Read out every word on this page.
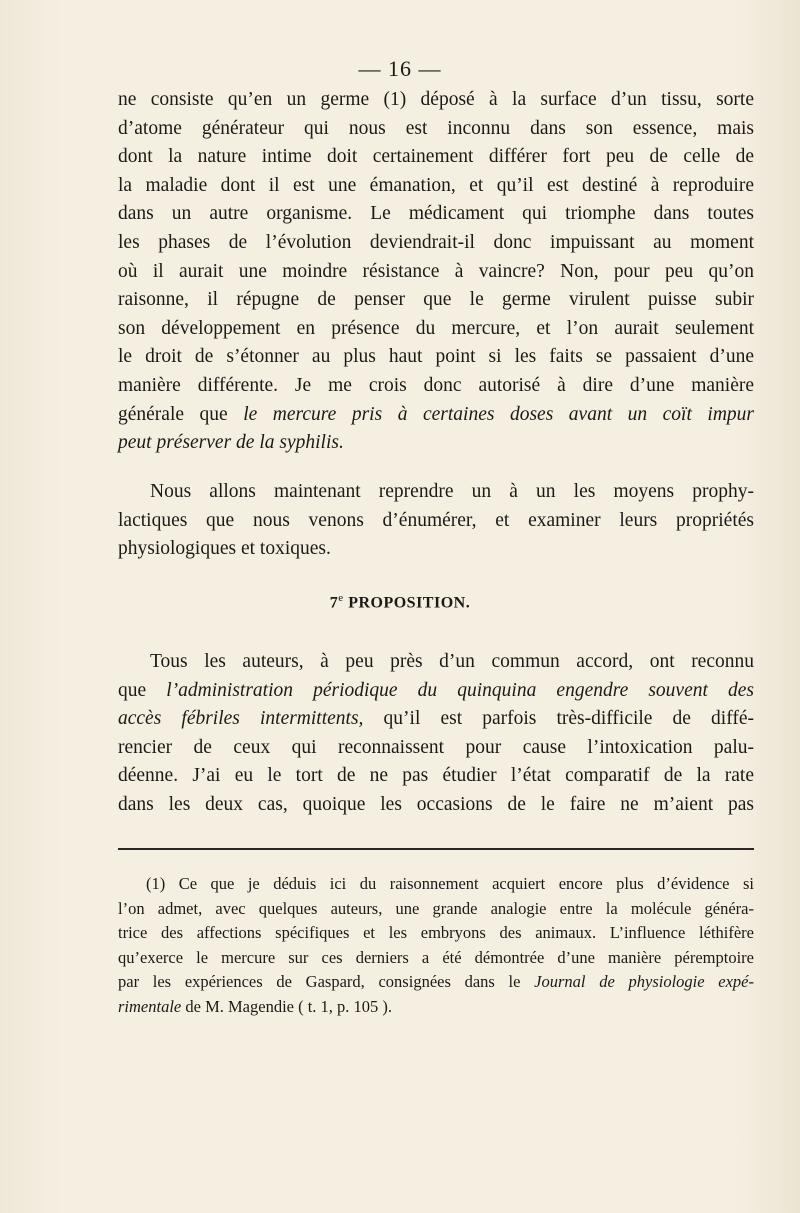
— 16 —
ne consiste qu’en un germe (1) déposé à la surface d’un tissu, sorte
d’atome générateur qui nous est inconnu dans son essence, mais
dont la nature intime doit certainement différer fort peu de celle de
la maladie dont il est une émanation, et qu’il est destiné à reproduire
dans un autre organisme. Le médicament qui triomphe dans toutes
les phases de l’évolution deviendrait-il donc impuissant au moment
où il aurait une moindre résistance à vaincre? Non, pour peu qu’on
raisonne, il répugne de penser que le germe virulent puisse subir
son développement en présence du mercure, et l’on aurait seulement
le droit de s’étonner au plus haut point si les faits se passaient d’une
manière différente. Je me crois donc autorisé à dire d’une manière
générale que le mercure pris à certaines doses avant un coït impur
peut préserver de la syphilis.
Nous allons maintenant reprendre un à un les moyens prophy-
lactiques que nous venons d’énumérer, et examiner leurs propriétés
physiologiques et toxiques.
7e PROPOSITION.
Tous les auteurs, à peu près d’un commun accord, ont reconnu
que l’administration périodique du quinquina engendre souvent des
accès fébriles intermittents, qu’il est parfois très-difficile de diffé-
rencier de ceux qui reconnaissent pour cause l’intoxication palu-
déenne. J’ai eu le tort de ne pas étudier l’état comparatif de la rate
dans les deux cas, quoique les occasions de le faire ne m’aient pas
(1) Ce que je déduis ici du raisonnement acquiert encore plus d’évidence si
l’on admet, avec quelques auteurs, une grande analogie entre la molécule généra-
trice des affections spécifiques et les embryons des animaux. L’influence léthifère
qu’exerce le mercure sur ces derniers a été démontrée d’une manière péremptoire
par les expériences de Gaspard, consignées dans le Journal de physiologie expé-
rimentale de M. Magendie ( t. 1, p. 105 ).
